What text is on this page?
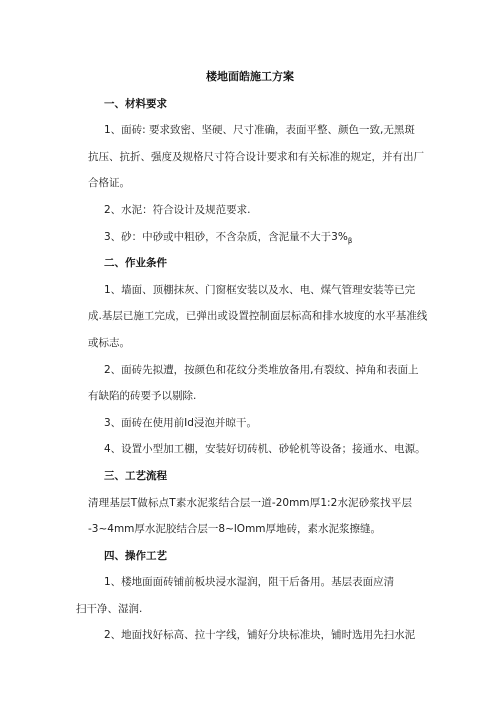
楼地面皓施工方案
一、材料要求
1、面砖: 要求致密、坚硬、尺寸准确，表面平整、颜色一致,无黑斑
抗压、抗折、强度及规格尺寸符合设计要求和有关标准的规定，并有出厂
合格证。
2、水泥：符合设计及规范要求.
3、砂：中砂或中粗砂，不含杂质，含泥量不大于$3\%_\beta$
二、作业条件
1、墙面、顶棚抹灰、门窗框安装以及水、电、煤气管理安装等已完
成.基层已施工完成，已弹出或设置控制面层标高和排水坡度的水平基准线
或标志。
2、面砖先拟遭，按颜色和花纹分类堆放备用,有裂纹、掉角和表面上
有缺陷的砖要予以剔除.
3、面砖在使用前Id浸泡并晾干。
4、设置小型加工棚，安装好切砖机、砂轮机等设备；接通水、电源。
三、工艺流程
清理基层T做标点T素水泥浆结合层一道-20mm厚1:2水泥砂浆找平层
-3~4mm厚水泥胶结合层一8~lOmm厚地砖，素水泥浆擦缝。
四、操作工艺
1、楼地面面砖铺前板块浸水湿润，阻干后备用。基层表面应清
扫干净、湿润.
2、地面找好标高、拉十字线，铺好分块标准块，铺时选用先扫水泥
